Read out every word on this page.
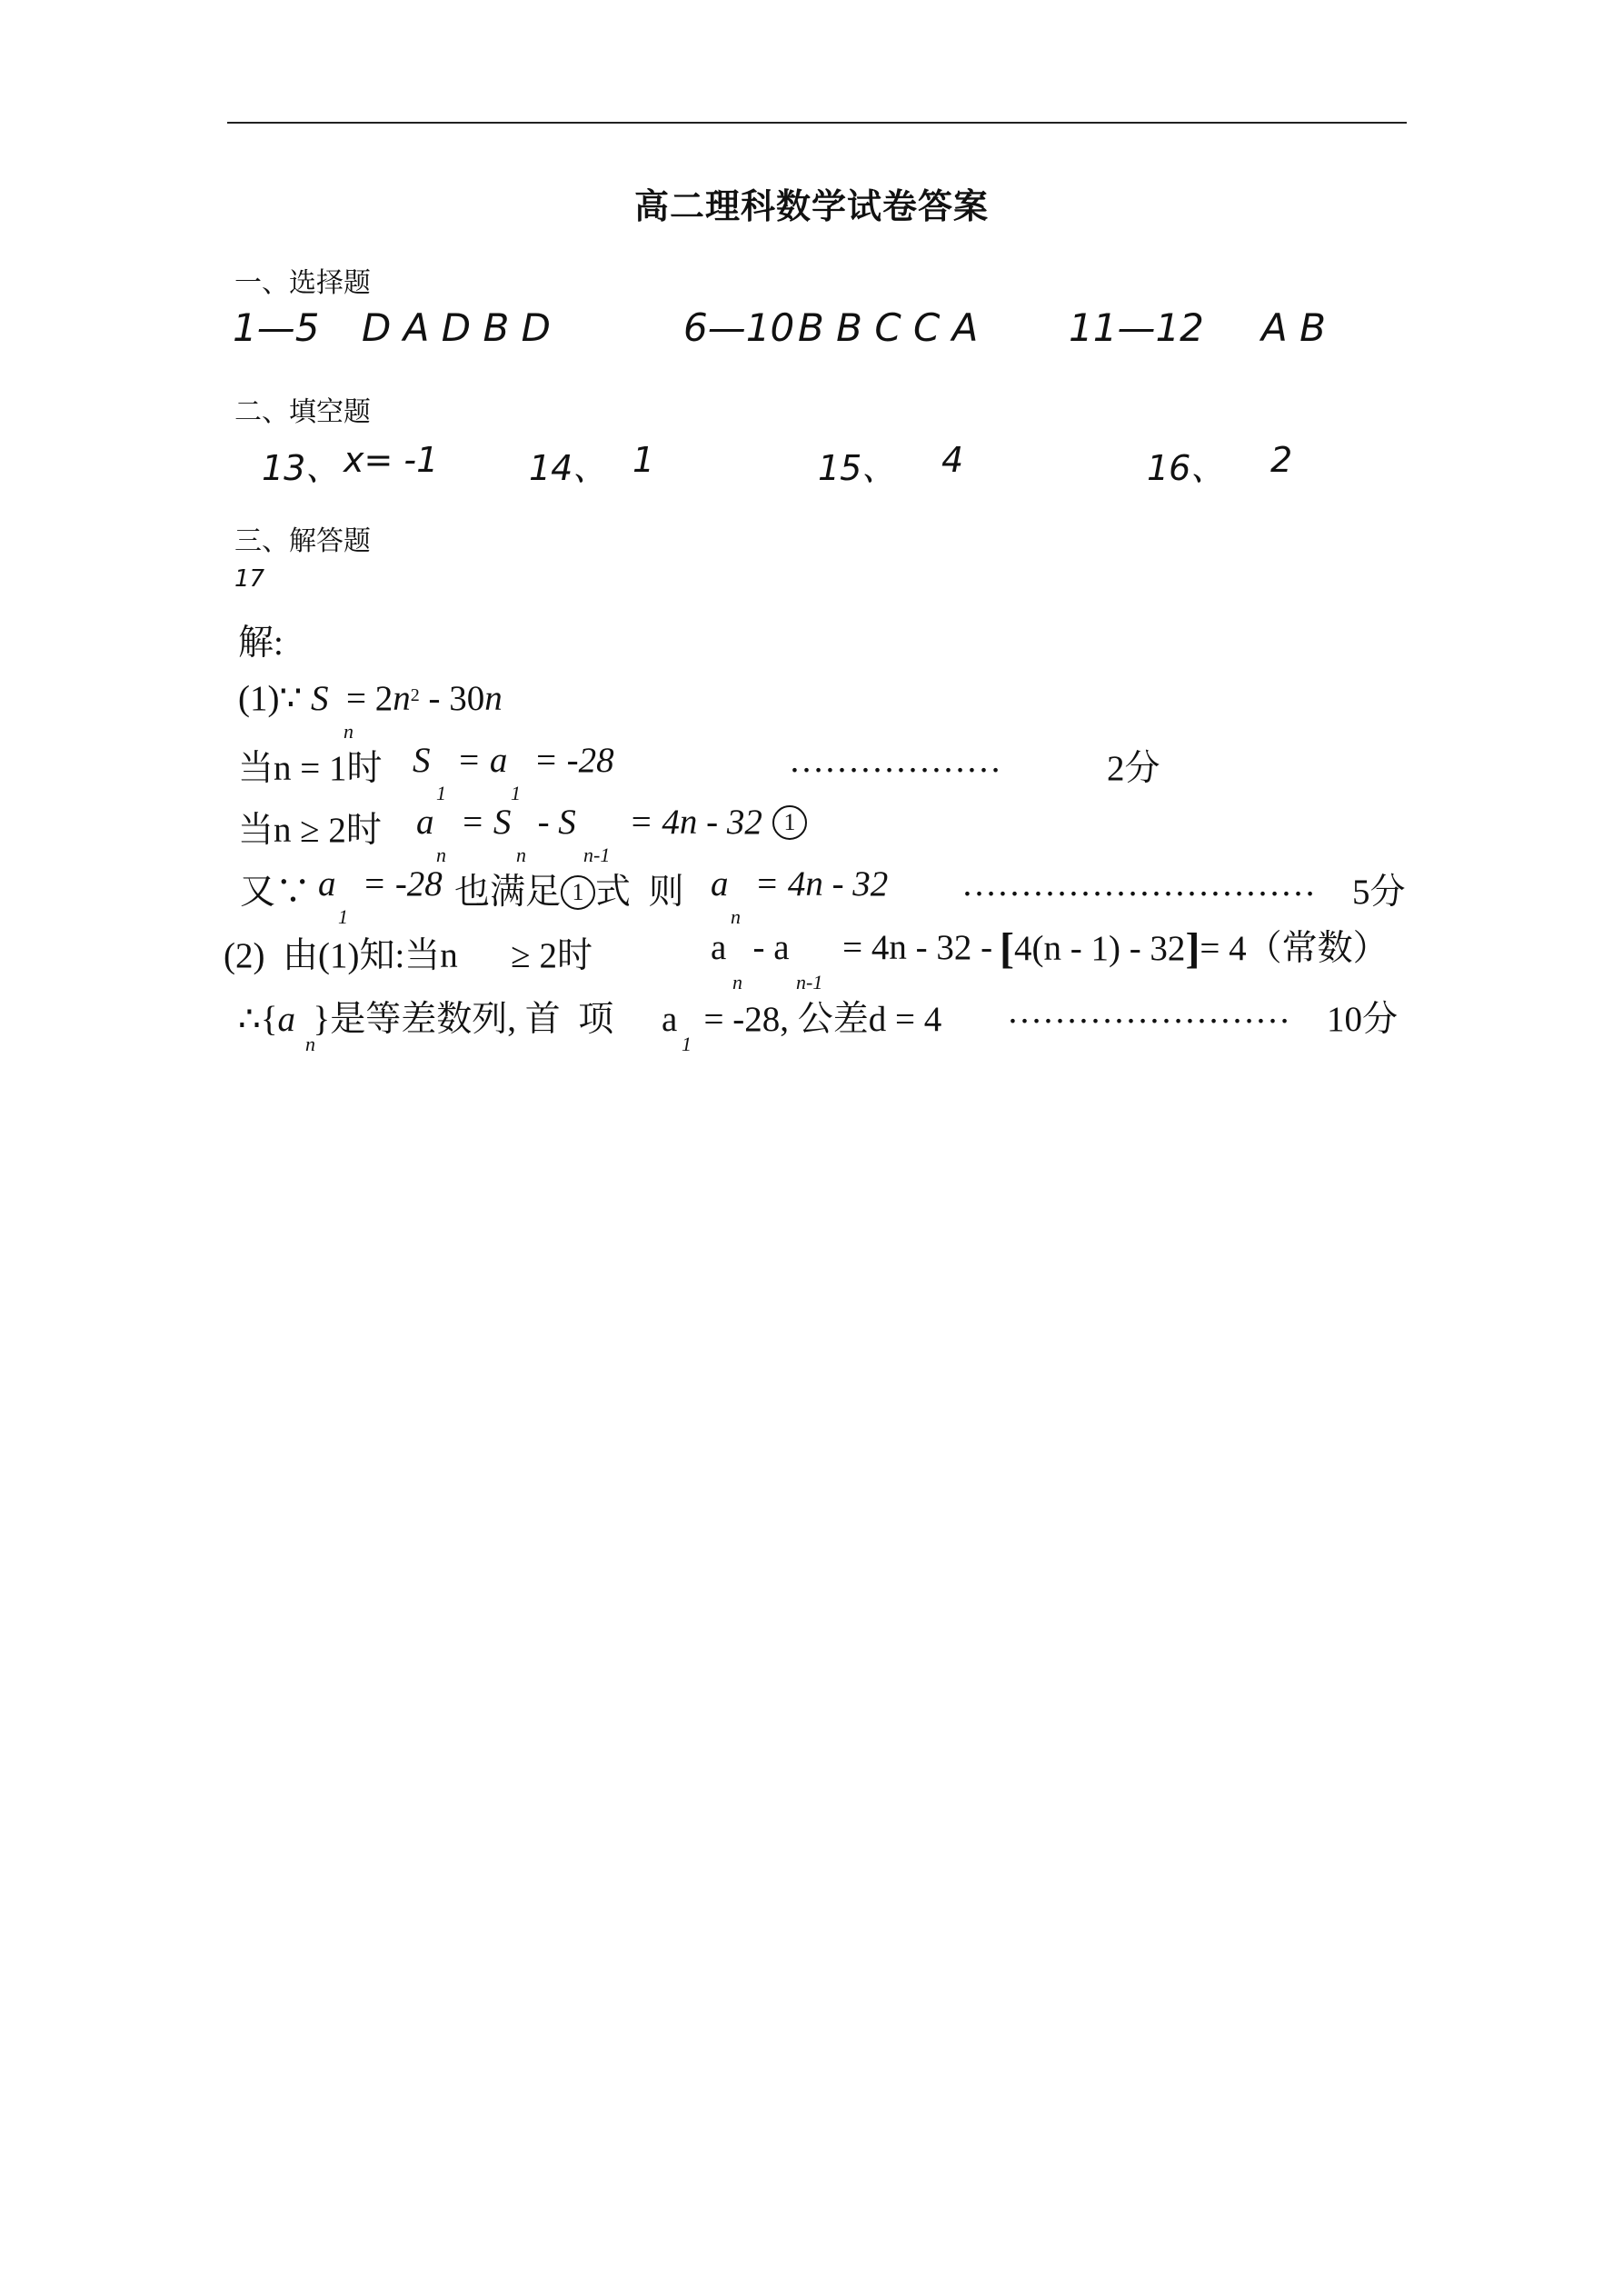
高二理科数学试卷答案
一、选择题
1—5 D A D B D	6—10 B B C C A 11—12 A B
二、填空题
13、 x= -1	14、 1	15、 4	16、 2
三、解答题
17
解:
(1)∵ $S = 2n^2 - 30n$
n
当n = 1时 S   = a   = -28
1	1
………………	2分
当n ≥ 2时 a   = S   - S      = 4n - 32 1
n	n	n-1
又∵ a   = -28 也满足 1 式  则 a   = 4n - 32
1	n
………………………… 5分
(2)  由(1)知:当n      ≥ 2时	a   - a      = 4n - 32 - [4(n - 1) - 32]= 4（常数）
n	n-1
∴{a }是等差数列, 首  项 a   = -28, 公差d = 4
n	1
…………………… 10分
